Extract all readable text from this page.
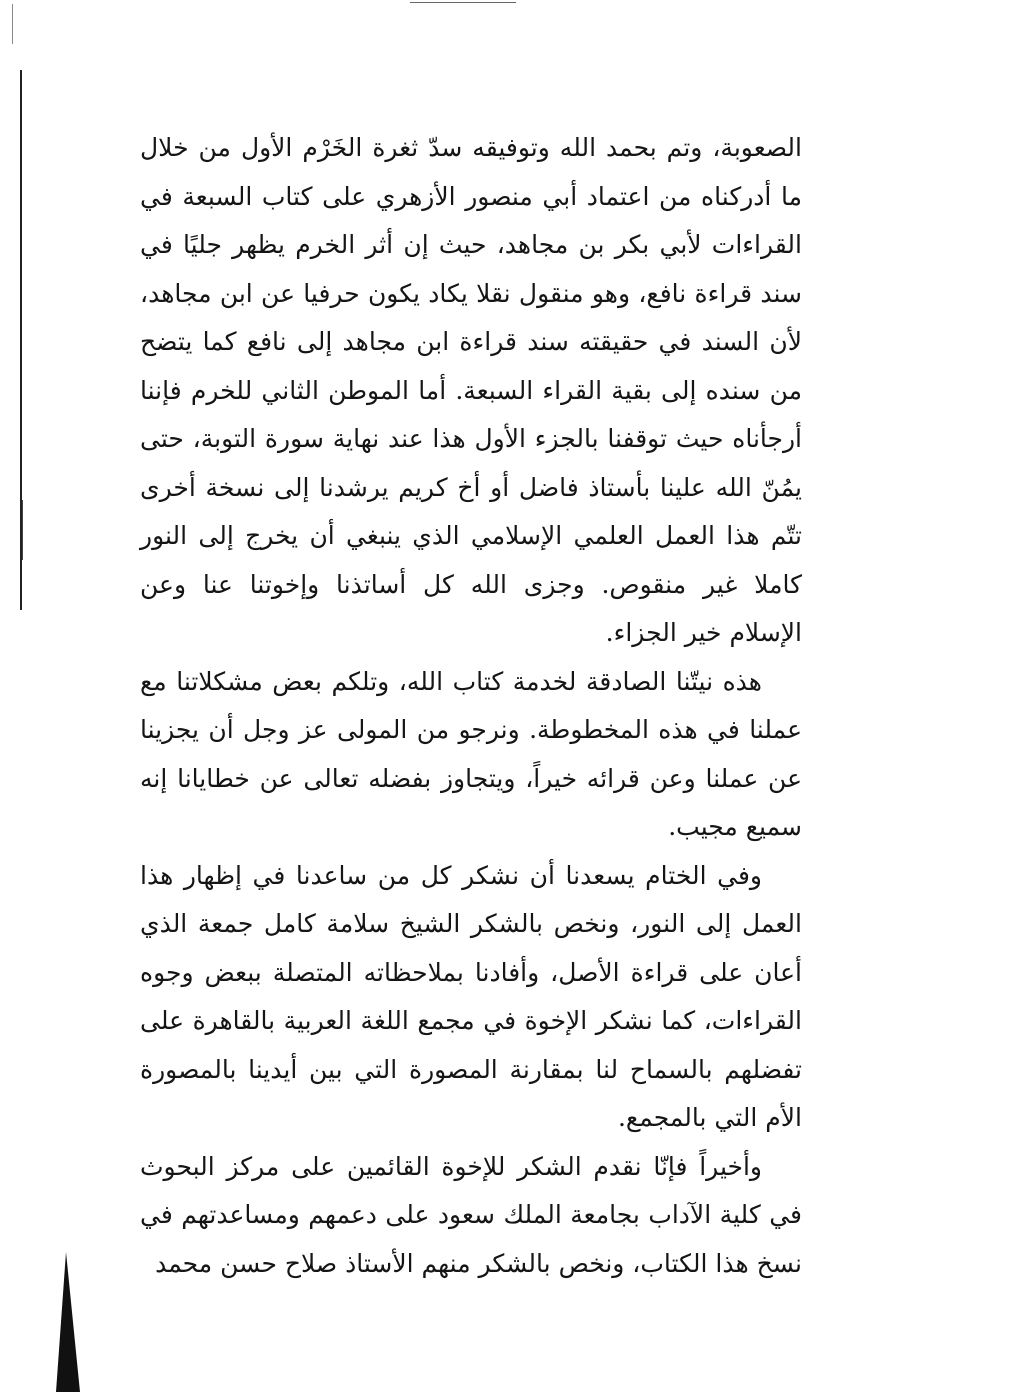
الصعوبة، وتم بحمد الله وتوفيقه سدّ ثغرة الخَرْم الأول من خلال ما أدركناه من اعتماد أبي منصور الأزهري على كتاب السبعة في القراءات لأبي بكر بن مجاهد، حيث إن أثر الخرم يظهر جليًا في سند قراءة نافع، وهو منقول نقلا يكاد يكون حرفيا عن ابن مجاهد، لأن السند في حقيقته سند قراءة ابن مجاهد إلى نافع كما يتضح من سنده إلى بقية القراء السبعة. أما الموطن الثاني للخرم فإننا أرجأناه حيث توقفنا بالجزء الأول هذا عند نهاية سورة التوبة، حتى يمُنّ الله علينا بأستاذ فاضل أو أخ كريم يرشدنا إلى نسخة أخرى تتّم هذا العمل العلمي الإسلامي الذي ينبغي أن يخرج إلى النور كاملا غير منقوص. وجزى الله كل أساتذنا وإخوتنا عنا وعن الإسلام خير الجزاء.

هذه نيتّنا الصادقة لخدمة كتاب الله، وتلكم بعض مشكلاتنا مع عملنا في هذه المخطوطة. ونرجو من المولى عز وجل أن يجزينا عن عملنا وعن قرائه خيراً، ويتجاوز بفضله تعالى عن خطايانا إنه سميع مجيب.

وفي الختام يسعدنا أن نشكر كل من ساعدنا في إظهار هذا العمل إلى النور، ونخص بالشكر الشيخ سلامة كامل جمعة الذي أعان على قراءة الأصل، وأفادنا بملاحظاته المتصلة ببعض وجوه القراءات، كما نشكر الإخوة في مجمع اللغة العربية بالقاهرة على تفضلهم بالسماح لنا بمقارنة المصورة التي بين أيدينا بالمصورة الأم التي بالمجمع.

وأخيراً فإنّا نقدم الشكر للإخوة القائمين على مركز البحوث في كلية الآداب بجامعة الملك سعود على دعمهم ومساعدتهم في نسخ هذا الكتاب، ونخص بالشكر منهم الأستاذ صلاح حسن محمد
